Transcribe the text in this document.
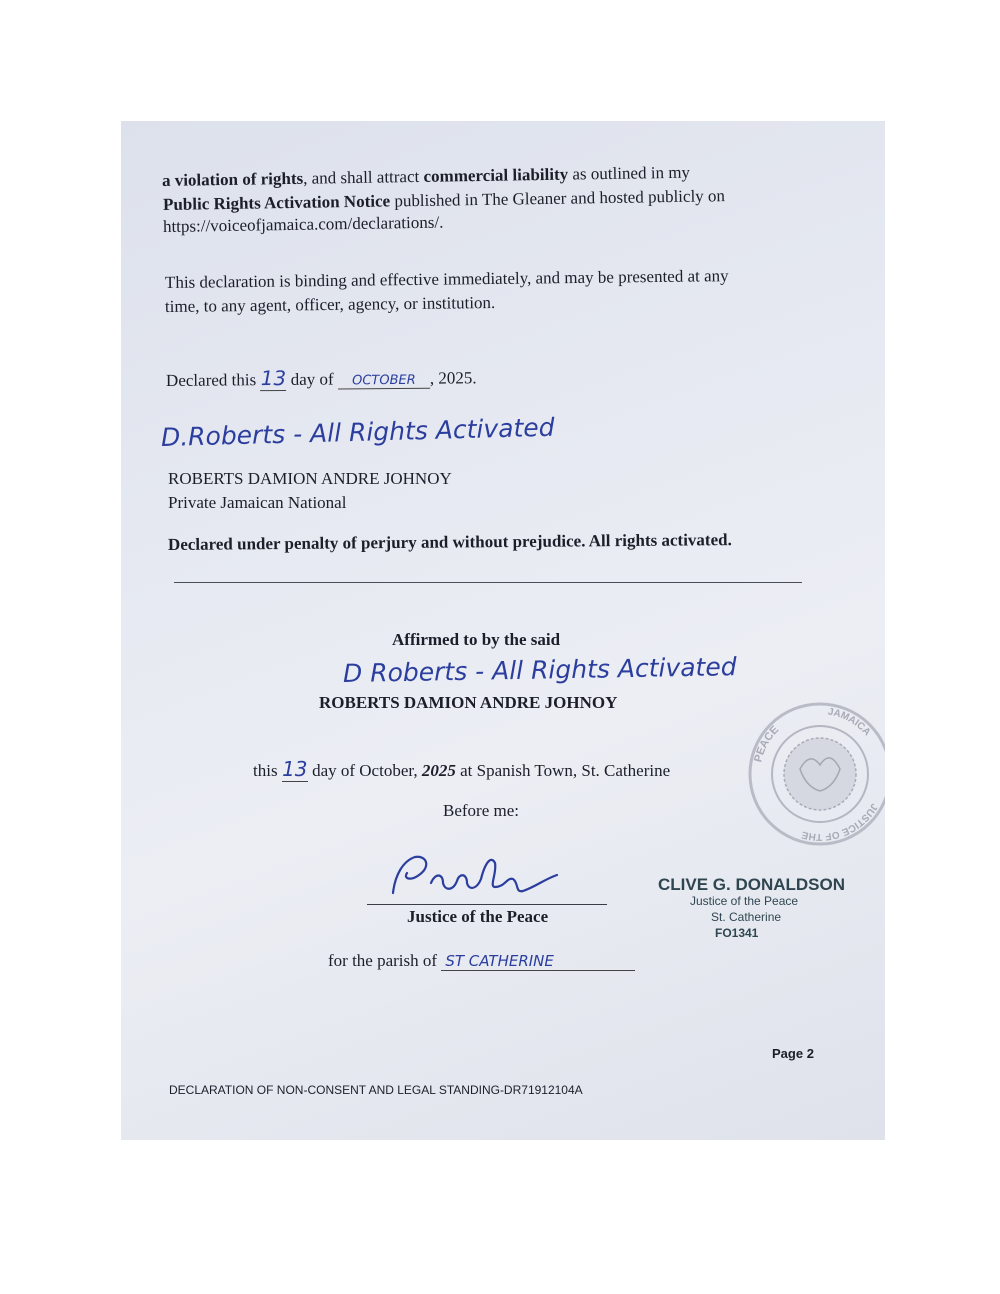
a violation of rights, and shall attract commercial liability as outlined in my
Public Rights Activation Notice published in The Gleaner and hosted publicly on
https://voiceofjamaica.com/declarations/.
This declaration is binding and effective immediately, and may be presented at any
time, to any agent, officer, agency, or institution.
Declared this 13 day of OCTOBER , 2025.
D.Roberts - All Rights Activated
ROBERTS DAMION ANDRE JOHNOY
Private Jamaican National
Declared under penalty of perjury and without prejudice. All rights activated.
Affirmed to by the said
D Roberts - All Rights Activated
ROBERTS DAMION ANDRE JOHNOY
this 13 day of October, 2025 at Spanish Town, St. Catherine
Before me:
Justice of the Peace
for the parish of ST CATHERINE
CLIVE G. DONALDSON
Justice of the Peace
St. Catherine
FO1341
PEACE
JUSTICE OF THE
JAMAICA
Page 2
DECLARATION OF NON-CONSENT AND LEGAL STANDING-DR71912104A
